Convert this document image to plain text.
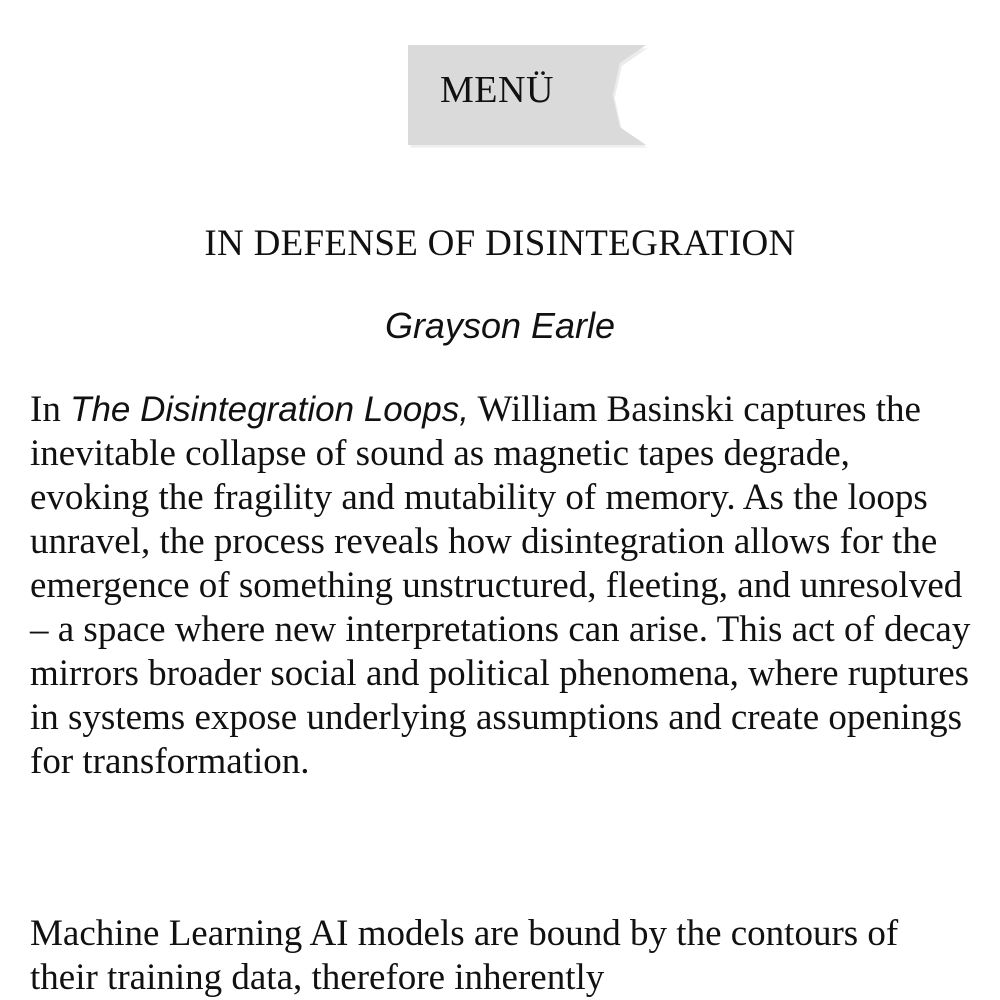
MENÜ
IN DEFENSE OF DISINTEGRATION
Grayson Earle

In The Disintegration Loops, William Basinski captures the inevitable collapse of sound as magnetic tapes degrade, evoking the fragility and mutability of memory. As the loops unravel, the process reveals how disintegration allows for the emergence of something unstructured, fleeting, and unresolved – a space where new interpretations can arise. This act of decay mirrors broader social and political phenomena, where ruptures in systems expose underlying assumptions and create openings for transformation.

Machine Learning AI models are bound by the contours of their training data, therefore inherently
